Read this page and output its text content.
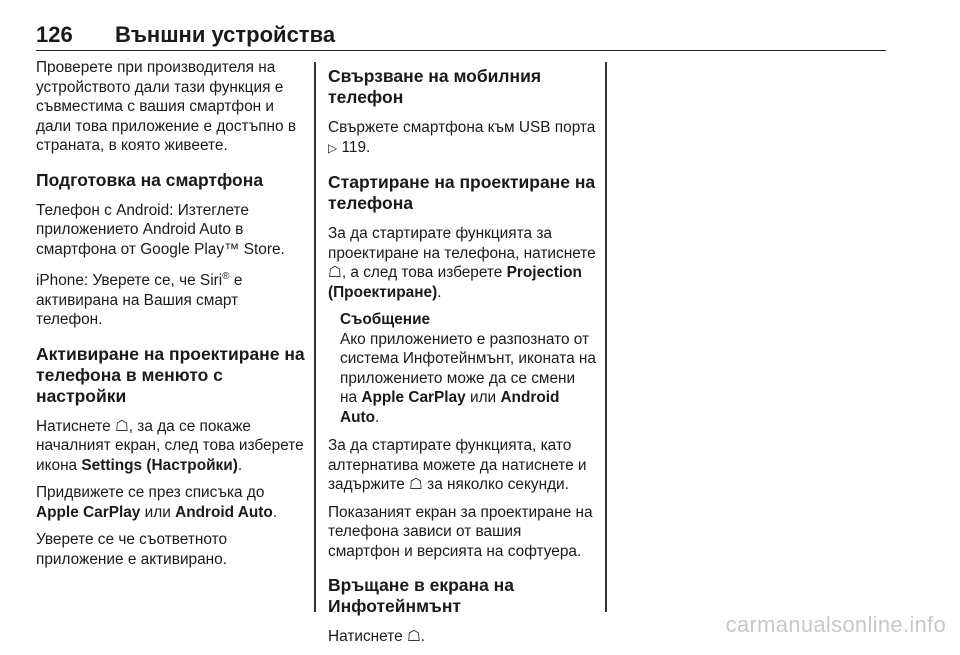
126 Външни устройства

Проверете при производителя на устройството дали тази функция е съвместима с вашия смартфон и дали това приложение е достъпно в страната, в която живеете.

Подготовка на смартфона

Телефон с Android: Изтеглете приложението Android Auto в смартфона от Google Play™ Store.

iPhone: Уверете се, че Siri® е активирана на Вашия смарт телефон.

Активиране на проектиране на телефона в менюто с настройки

Натиснете ☖, за да се покаже началният екран, след това изберете икона Settings (Настройки).

Придвижете се през списъка до Apple CarPlay или Android Auto.

Уверете се че съответното приложение е активирано.

Свързване на мобилния телефон

Свържете смартфона към USB порта ▷ 119.

Стартиране на проектиране на телефона

За да стартирате функцията за проектиране на телефона, натиснете ☖, а след това изберете Projection (Проектиране).

Съобщение
Ако приложението е разпознато от система Инфотейнмънт, иконата на приложението може да се смени на Apple CarPlay или Android Auto.

За да стартирате функцията, като алтернатива можете да натиснете и задържите ☖ за няколко секунди.

Показаният екран за проектиране на телефона зависи от вашия смартфон и версията на софтуера.

Връщане в екрана на Инфотейнмънт

Натиснете ☖.	carmanualsonline.info
